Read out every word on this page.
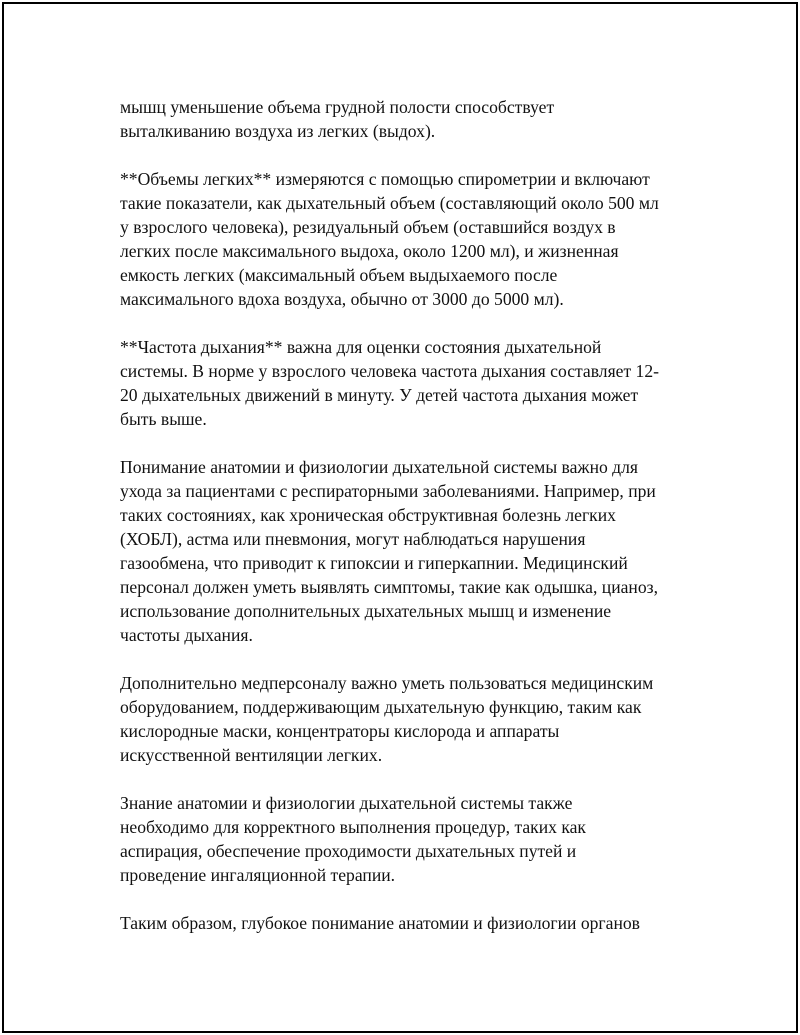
мышц уменьшение объема грудной полости способствует
выталкиванию воздуха из легких (выдох).

**Объемы легких** измеряются с помощью спирометрии и включают
такие показатели, как дыхательный объем (составляющий около 500 мл
у взрослого человека), резидуальный объем (оставшийся воздух в
легких после максимального выдоха, около 1200 мл), и жизненная
емкость легких (максимальный объем выдыхаемого после
максимального вдоха воздуха, обычно от 3000 до 5000 мл).

**Частота дыхания** важна для оценки состояния дыхательной
системы. В норме у взрослого человека частота дыхания составляет 12-
20 дыхательных движений в минуту. У детей частота дыхания может
быть выше.

Понимание анатомии и физиологии дыхательной системы важно для
ухода за пациентами с респираторными заболеваниями. Например, при
таких состояниях, как хроническая обструктивная болезнь легких
(ХОБЛ), астма или пневмония, могут наблюдаться нарушения
газообмена, что приводит к гипоксии и гиперкапнии. Медицинский
персонал должен уметь выявлять симптомы, такие как одышка, цианоз,
использование дополнительных дыхательных мышц и изменение
частоты дыхания.

Дополнительно медперсоналу важно уметь пользоваться медицинским
оборудованием, поддерживающим дыхательную функцию, таким как
кислородные маски, концентраторы кислорода и аппараты
искусственной вентиляции легких.

Знание анатомии и физиологии дыхательной системы также
необходимо для корректного выполнения процедур, таких как
аспирация, обеспечение проходимости дыхательных путей и
проведение ингаляционной терапии.

Таким образом, глубокое понимание анатомии и физиологии органов
